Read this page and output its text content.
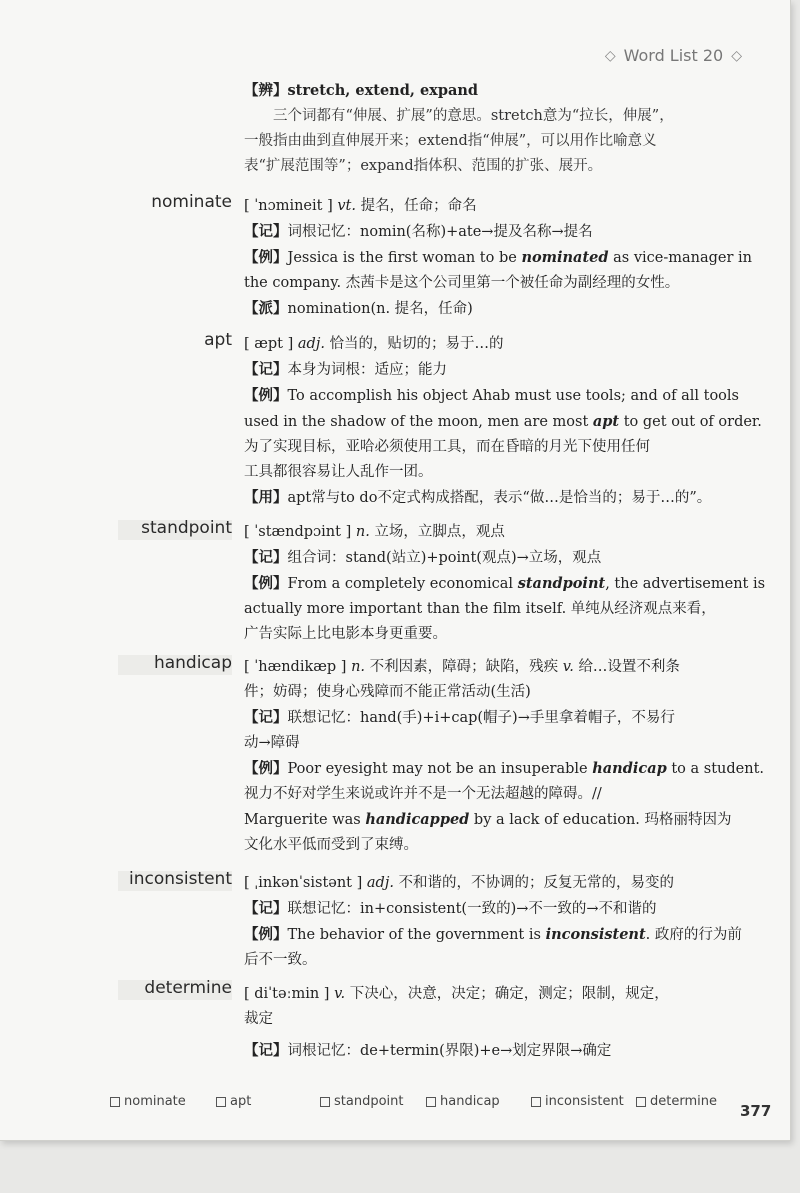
◇ Word List 20 ◇
【辨】stretch, extend, expand
三个词都有“伸展、扩展”的意思。stretch意为“拉长，伸展”，
一般指由曲到直伸展开来；extend指“伸展”，可以用作比喻意义
表“扩展范围等”；expand指体积、范围的扩张、展开。
nominate [ ˈnɔmineit ] vt. 提名，任命；命名
【记】词根记忆：nomin(名称)+ate→提及名称→提名
【例】Jessica is the first woman to be nominated as vice-manager in
the company. 杰茜卡是这个公司里第一个被任命为副经理的女性。
【派】nomination(n. 提名，任命)
apt [ æpt ] adj. 恰当的，贴切的；易于…的
【记】本身为词根：适应；能力
【例】To accomplish his object Ahab must use tools; and of all tools
used in the shadow of the moon, men are most apt to get out of order.
为了实现目标，亚哈必须使用工具，而在昏暗的月光下使用任何
工具都很容易让人乱作一团。
【用】apt常与to do不定式构成搭配，表示“做…是恰当的；易于…的”。
standpoint [ ˈstændpɔint ] n. 立场，立脚点，观点
【记】组合词：stand(站立)+point(观点)→立场，观点
【例】From a completely economical standpoint, the advertisement is
actually more important than the film itself. 单纯从经济观点来看，
广告实际上比电影本身更重要。
handicap [ ˈhændikæp ] n. 不利因素，障碍；缺陷，残疾 v. 给…设置不利条
件；妨碍；使身心残障而不能正常活动(生活)
【记】联想记忆：hand(手)+i+cap(帽子)→手里拿着帽子，不易行
动→障碍
【例】Poor eyesight may not be an insuperable handicap to a student.
视力不好对学生来说或许并不是一个无法超越的障碍。//
Marguerite was handicapped by a lack of education. 玛格丽特因为
文化水平低而受到了束缚。
inconsistent [ ˌinkənˈsistənt ] adj. 不和谐的，不协调的；反复无常的，易变的
【记】联想记忆：in+consistent(一致的)→不一致的→不和谐的
【例】The behavior of the government is inconsistent. 政府的行为前
后不一致。
determine [ diˈtəːmin ] v. 下决心，决意，决定；确定，测定；限制，规定，
裁定
【记】词根记忆：de+termin(界限)+e→划定界限→确定
nominate	apt	standpoint	handicap	inconsistent	determine
377
